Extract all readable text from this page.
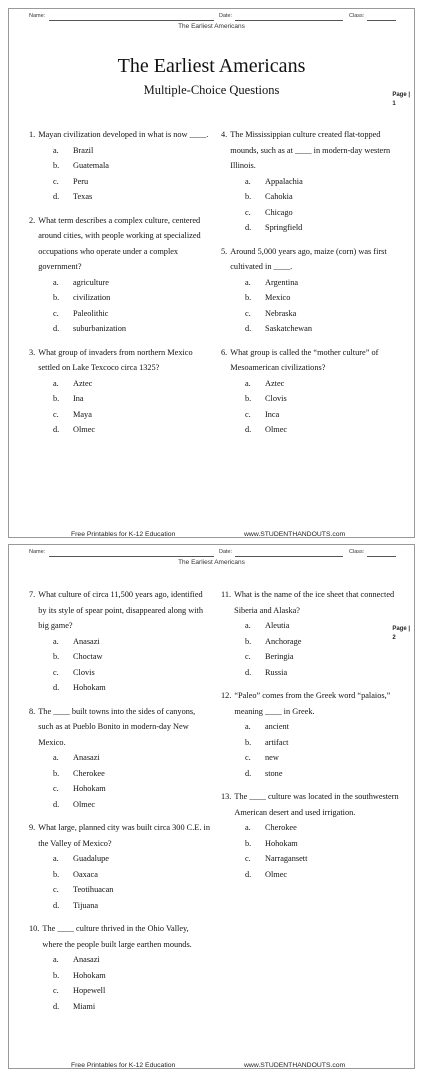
Name:	Date:	Class:
The Earliest Americans
The Earliest Americans
Multiple-Choice Questions	Page |
1
1. Mayan civilization developed in what is now ____.
a.	Brazil
b.	Guatemala
c.	Peru
d.	Texas
2. What term describes a complex culture, centered around cities, with people working at specialized occupations who operate under a complex government?
a.	agriculture
b.	civilization
c.	Paleolithic
d.	suburbanization
3. What group of invaders from northern Mexico settled on Lake Texcoco circa 1325?
a.	Aztec
b.	Ina
c.	Maya
d.	Olmec
4. The Mississippian culture created flat-topped mounds, such as at ____ in modern-day western Illinois.
a.	Appalachia
b.	Cahokia
c.	Chicago
d.	Springfield
5. Around 5,000 years ago, maize (corn) was first cultivated in ____.
a.	Argentina
b.	Mexico
c.	Nebraska
d.	Saskatchewan
6. What group is called the “mother culture” of Mesoamerican civilizations?
a.	Aztec
b.	Clovis
c.	Inca
d.	Olmec
Free Printables for K-12 Education	www.STUDENTHANDOUTS.com
Name:	Date:	Class:
The Earliest Americans
Page |
2
7. What culture of circa 11,500 years ago, identified by its style of spear point, disappeared along with big game?
a.	Anasazi
b.	Choctaw
c.	Clovis
d.	Hohokam
8. The ____ built towns into the sides of canyons, such as at Pueblo Bonito in modern-day New Mexico.
a.	Anasazi
b.	Cherokee
c.	Hohokam
d.	Olmec
9. What large, planned city was built circa 300 C.E. in the Valley of Mexico?
a.	Guadalupe
b.	Oaxaca
c.	Teotihuacan
d.	Tijuana
10. The ____ culture thrived in the Ohio Valley, where the people built large earthen mounds.
a.	Anasazi
b.	Hohokam
c.	Hopewell
d.	Miami
11. What is the name of the ice sheet that connected Siberia and Alaska?
a.	Aleutia
b.	Anchorage
c.	Beringia
d.	Russia
12. “Paleo” comes from the Greek word “palaios,” meaning ____ in Greek.
a.	ancient
b.	artifact
c.	new
d.	stone
13. The ____ culture was located in the southwestern American desert and used irrigation.
a.	Cherokee
b.	Hohokam
c.	Narragansett
d.	Olmec
Free Printables for K-12 Education	www.STUDENTHANDOUTS.com
